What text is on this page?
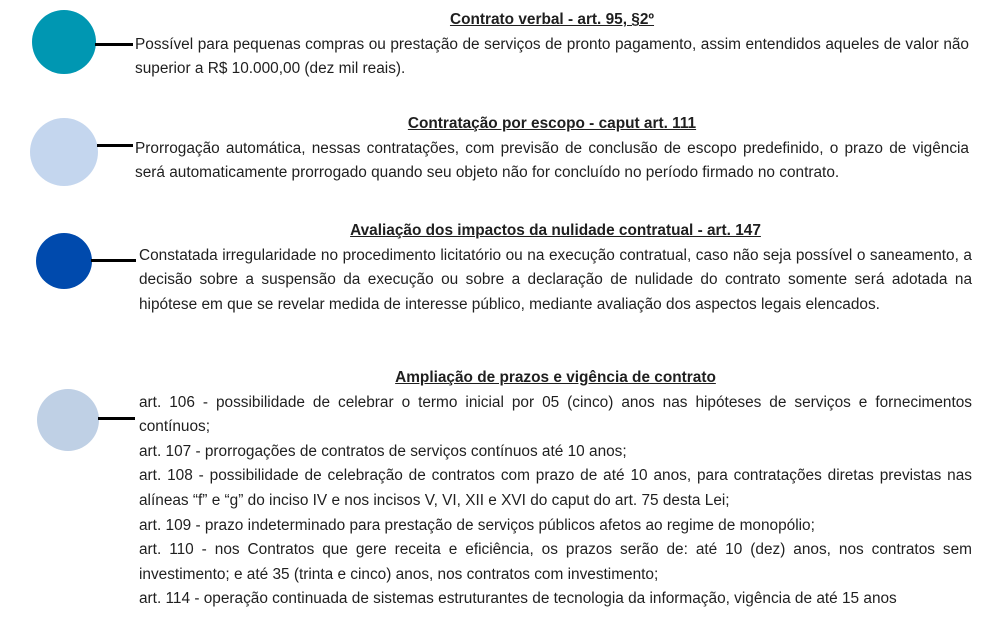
Contrato verbal - art. 95, §2º
Possível para pequenas compras ou prestação de serviços de pronto pagamento, assim entendidos aqueles de valor não superior a R$ 10.000,00 (dez mil reais).
Contratação por escopo - caput art. 111
Prorrogação automática, nessas contratações, com previsão de conclusão de escopo predefinido, o prazo de vigência será automaticamente prorrogado quando seu objeto não for concluído no período firmado no contrato.
Avaliação dos impactos da nulidade contratual - art. 147
Constatada irregularidade no procedimento licitatório ou na execução contratual, caso não seja possível o saneamento, a decisão sobre a suspensão da execução ou sobre a declaração de nulidade do contrato somente será adotada na hipótese em que se revelar medida de interesse público, mediante avaliação dos aspectos legais elencados.
Ampliação de prazos e vigência de contrato
art. 106 - possibilidade de celebrar o termo inicial por 05 (cinco) anos nas hipóteses de serviços e fornecimentos contínuos;
art. 107 - prorrogações de contratos de serviços contínuos até 10 anos;
art. 108 - possibilidade de celebração de contratos com prazo de até 10 anos, para contratações diretas previstas nas alíneas “f” e “g” do inciso IV e nos incisos V, VI, XII e XVI do caput do art. 75 desta Lei;
art. 109 - prazo indeterminado para prestação de serviços públicos afetos ao regime de monopólio;
art. 110 - nos Contratos que gere receita e eficiência, os prazos serão de: até 10 (dez) anos, nos contratos sem investimento; e até 35 (trinta e cinco) anos, nos contratos com investimento;
art. 114 - operação continuada de sistemas estruturantes de tecnologia da informação, vigência de até 15 anos
